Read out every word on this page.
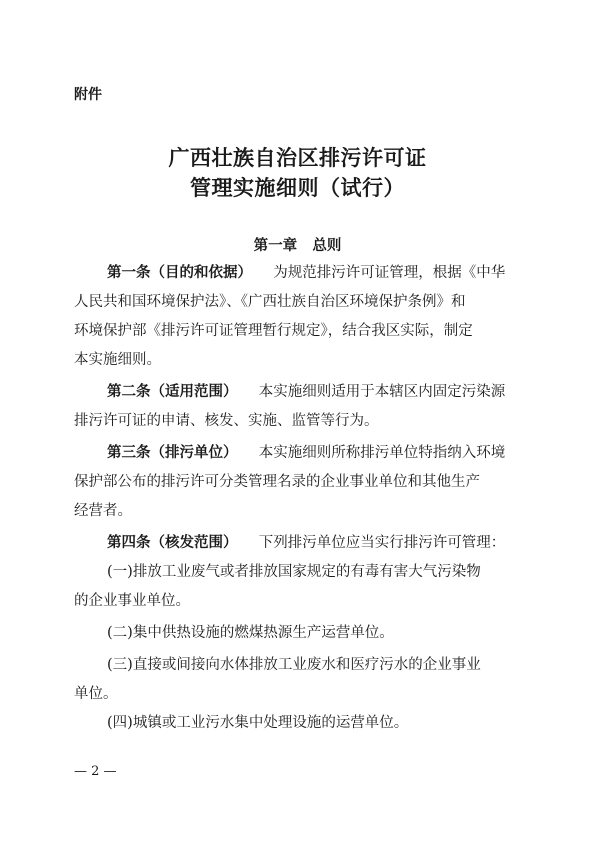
附件
广西壮族自治区排污许可证
管理实施细则（试行）
第一章   总则
第一条（目的和依据） 为规范排污许可证管理，根据《中华
人民共和国环境保护法》、《广西壮族自治区环境保护条例》和
环境保护部《排污许可证管理暂行规定》，结合我区实际，制定
本实施细则。
第二条（适用范围） 本实施细则适用于本辖区内固定污染源
排污许可证的申请、核发、实施、监管等行为。
第三条（排污单位） 本实施细则所称排污单位特指纳入环境
保护部公布的排污许可分类管理名录的企业事业单位和其他生产
经营者。
第四条（核发范围） 下列排污单位应当实行排污许可管理：
(一)排放工业废气或者排放国家规定的有毒有害大气污染物
的企业事业单位。
(二)集中供热设施的燃煤热源生产运营单位。
(三)直接或间接向水体排放工业废水和医疗污水的企业事业
单位。
(四)城镇或工业污水集中处理设施的运营单位。
— 2 —
